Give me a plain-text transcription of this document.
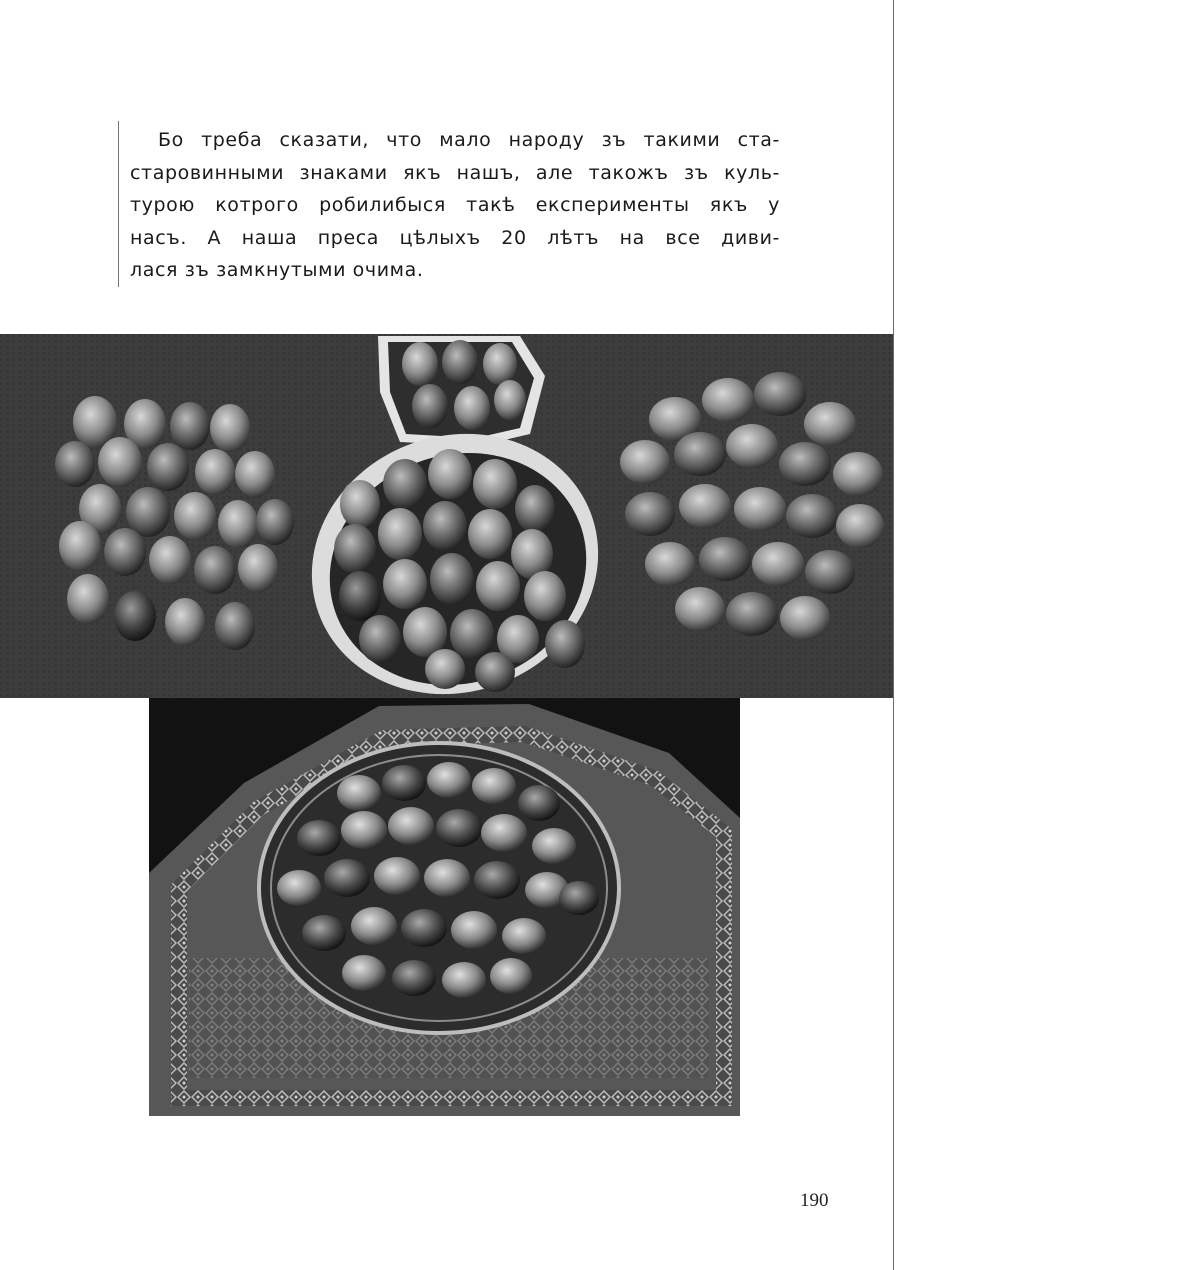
Бо треба сказати, что мало народу зъ такими ста-
старовинными знаками якъ нашъ, але такожъ зъ куль-
турою котрого робилибыся такѣ експерименты якъ у
насъ. А наша преса цѣлыхъ 20 лѣтъ на все диви-
лася зъ замкнутыми очима.
190
